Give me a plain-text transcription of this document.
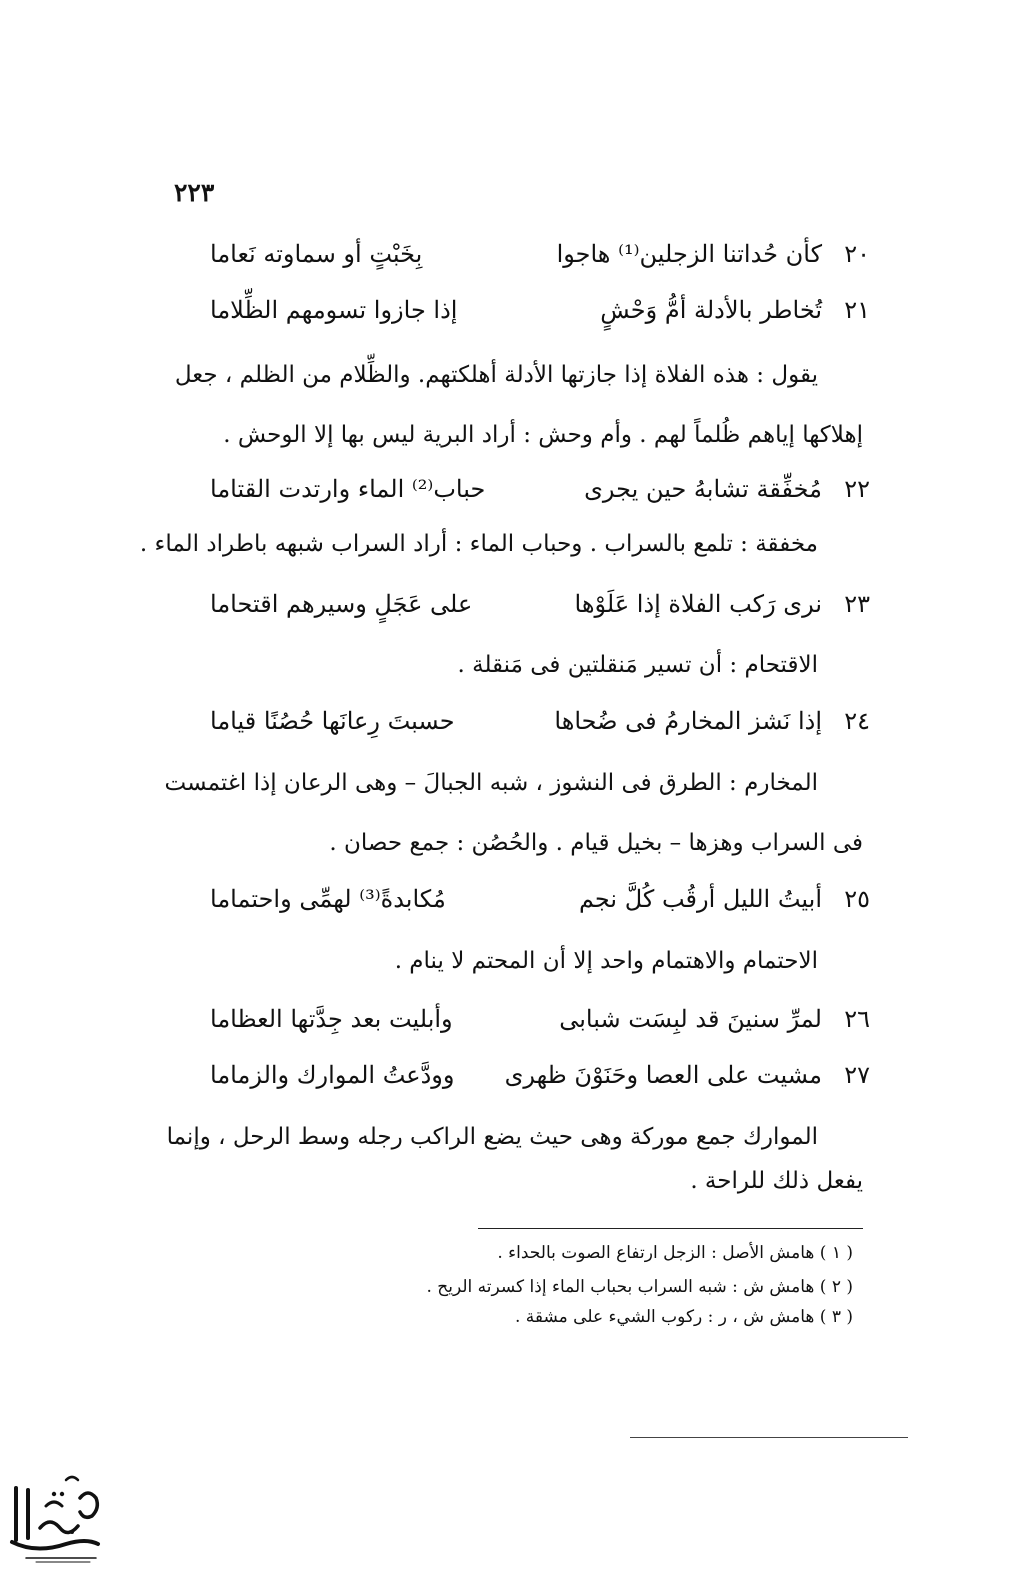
٢٢٣
٢٠
كأن حُداتنا الزجلين⁽¹⁾ هاجوا
بِخَبْتٍ أو سماوته نَعاما
٢١
تُخاطر بالأدلة أمُّ وَحْشٍ
إذا جازوا تسومهم الظِّلاما
يقول : هذه الفلاة إذا جازتها الأدلة أهلكتهم. والظِّلام من الظلم ، جعل
إهلاكها إياهم ظُلماً لهم . وأم وحش : أراد البرية ليس بها إلا الوحش .
٢٢
مُخفِّقة تشابهُ حين يجرى
حباب⁽²⁾ الماء وارتدت القتاما
مخفقة : تلمع بالسراب . وحباب الماء : أراد السراب شبهه باطراد الماء .
٢٣
نرى رَكب الفلاة إذا عَلَوْها
على عَجَلٍ وسيرهم اقتحاما
الاقتحام : أن تسير مَنقلتين فى مَنقلة .
٢٤
إذا نَشز المخارمُ فى ضُحاها
حسبتَ رِعانَها حُصُنًا قياما
المخارم : الطرق فى النشوز ، شبه الجبالَ – وهى الرعان إذا اغتمست
فى السراب وهزها – بخيل قيام . والحُصُن : جمع حصان .
٢٥
أبيتُ الليل أرقُب كُلَّ نجم
مُكابدةً⁽³⁾ لهمِّى واحتماما
الاحتمام والاهتمام واحد إلا أن المحتم لا ينام .
٢٦
لمرِّ سنينَ قد لبِسَت شبابى
وأبليت بعد جِدَّتها العظاما
٢٧
مشيت على العصا وحَنَوْنَ ظهرى
وودَّعتُ الموارك والزماما
الموارك جمع موركة وهى حيث يضع الراكب رجله وسط الرحل ، وإنما
يفعل ذلك للراحة .
( ١ ) هامش الأصل : الزجل ارتفاع الصوت بالحداء .
( ٢ ) هامش ش : شبه السراب بحباب الماء إذا كسرته الريح .
( ٣ ) هامش ش ، ر : ركوب الشيء على مشقة .
